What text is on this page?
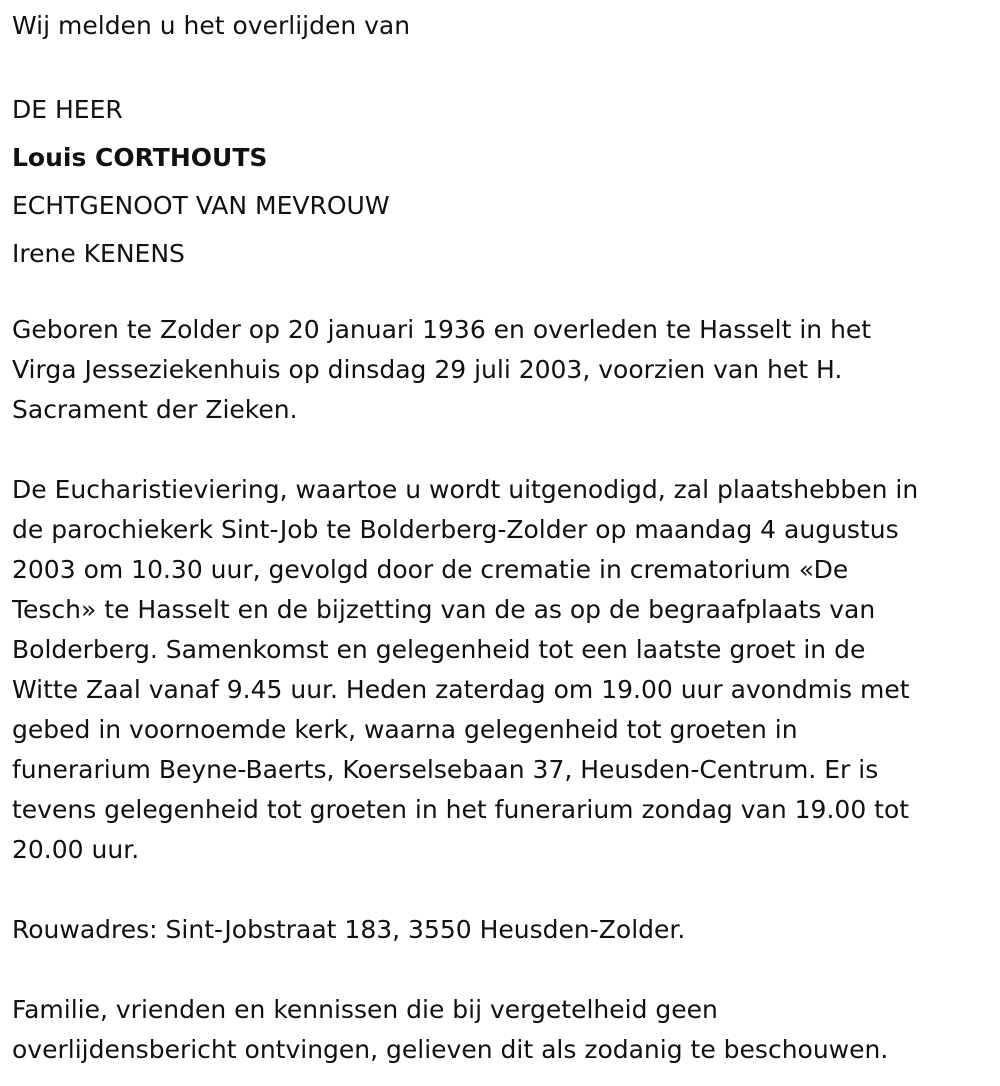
Wij melden u het overlijden van
DE HEER
Louis CORTHOUTS
ECHTGENOOT VAN MEVROUW
Irene KENENS

Geboren te Zolder op 20 januari 1936 en overleden te Hasselt in het
Virga Jesseziekenhuis op dinsdag 29 juli 2003, voorzien van het H.
Sacrament der Zieken.

De Eucharistieviering, waartoe u wordt uitgenodigd, zal plaatshebben in
de parochiekerk Sint-Job te Bolderberg-Zolder op maandag 4 augustus
2003 om 10.30 uur, gevolgd door de crematie in crematorium «De
Tesch» te Hasselt en de bijzetting van de as op de begraafplaats van
Bolderberg. Samenkomst en gelegenheid tot een laatste groet in de
Witte Zaal vanaf 9.45 uur. Heden zaterdag om 19.00 uur avondmis met
gebed in voornoemde kerk, waarna gelegenheid tot groeten in
funerarium Beyne-Baerts, Koerselsebaan 37, Heusden-Centrum. Er is
tevens gelegenheid tot groeten in het funerarium zondag van 19.00 tot
20.00 uur.

Rouwadres: Sint-Jobstraat 183, 3550 Heusden-Zolder.

Familie, vrienden en kennissen die bij vergetelheid geen
overlijdensbericht ontvingen, gelieven dit als zodanig te beschouwen.
